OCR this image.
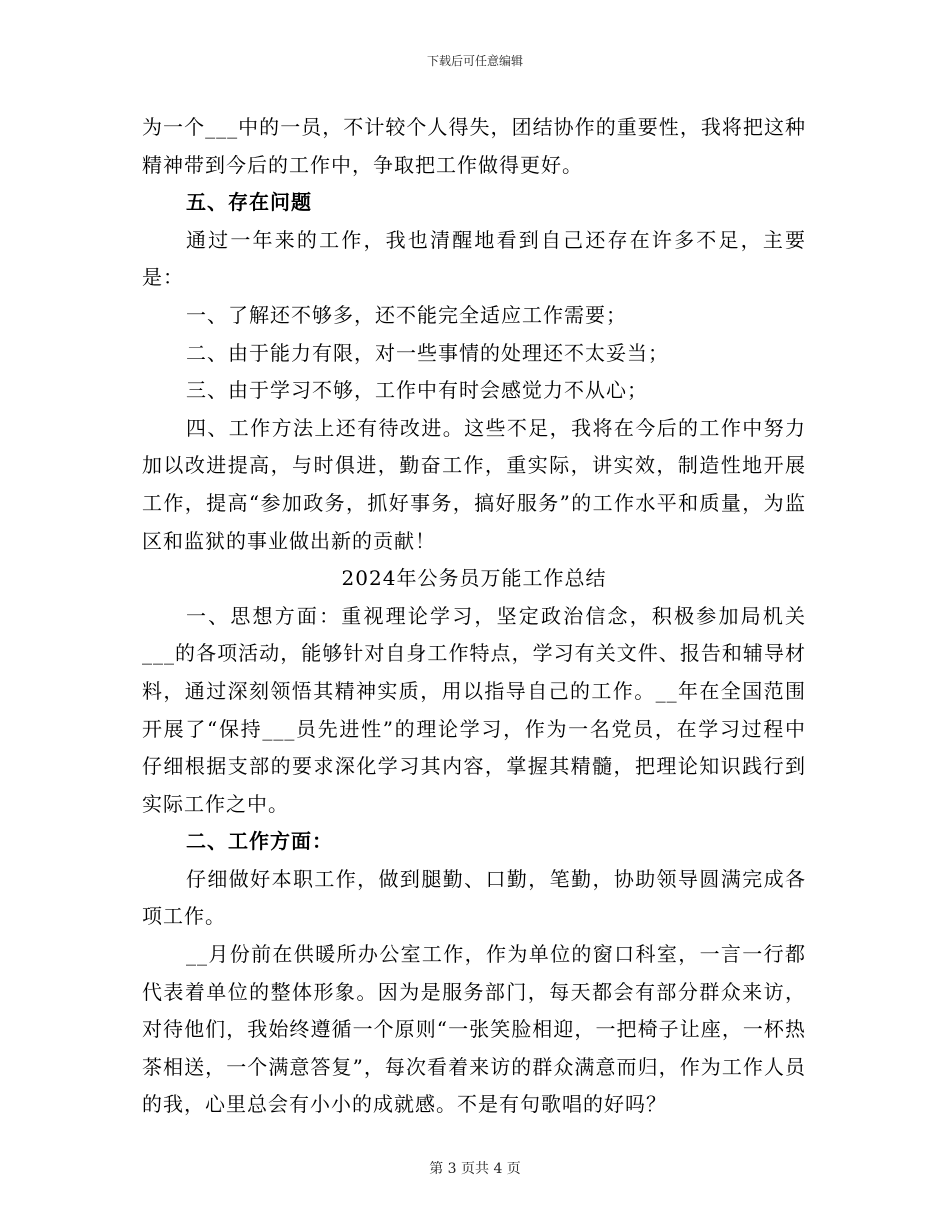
下载后可任意编辑

为一个___中的一员，不计较个人得失，团结协作的重要性，我将把这种精神带到今后的工作中，争取把工作做得更好。

五、存在问题

通过一年来的工作，我也清醒地看到自己还存在许多不足，主要是：

一、了解还不够多，还不能完全适应工作需要；

二、由于能力有限，对一些事情的处理还不太妥当；

三、由于学习不够，工作中有时会感觉力不从心；

四、工作方法上还有待改进。这些不足，我将在今后的工作中努力加以改进提高，与时俱进，勤奋工作，重实际，讲实效，制造性地开展工作，提高“参加政务，抓好事务，搞好服务”的工作水平和质量，为监区和监狱的事业做出新的贡献！

2024年公务员万能工作总结

一、思想方面：重视理论学习，坚定政治信念，积极参加局机关___的各项活动，能够针对自身工作特点，学习有关文件、报告和辅导材料，通过深刻领悟其精神实质，用以指导自己的工作。__年在全国范围开展了“保持___员先进性”的理论学习，作为一名党员，在学习过程中仔细根据支部的要求深化学习其内容，掌握其精髓，把理论知识践行到实际工作之中。

二、工作方面：

仔细做好本职工作，做到腿勤、口勤，笔勤，协助领导圆满完成各项工作。

__月份前在供暖所办公室工作，作为单位的窗口科室，一言一行都代表着单位的整体形象。因为是服务部门，每天都会有部分群众来访，对待他们，我始终遵循一个原则“一张笑脸相迎，一把椅子让座，一杯热茶相送，一个满意答复”，每次看着来访的群众满意而归，作为工作人员的我，心里总会有小小的成就感。不是有句歌唱的好吗？

第 3 页共 4 页
